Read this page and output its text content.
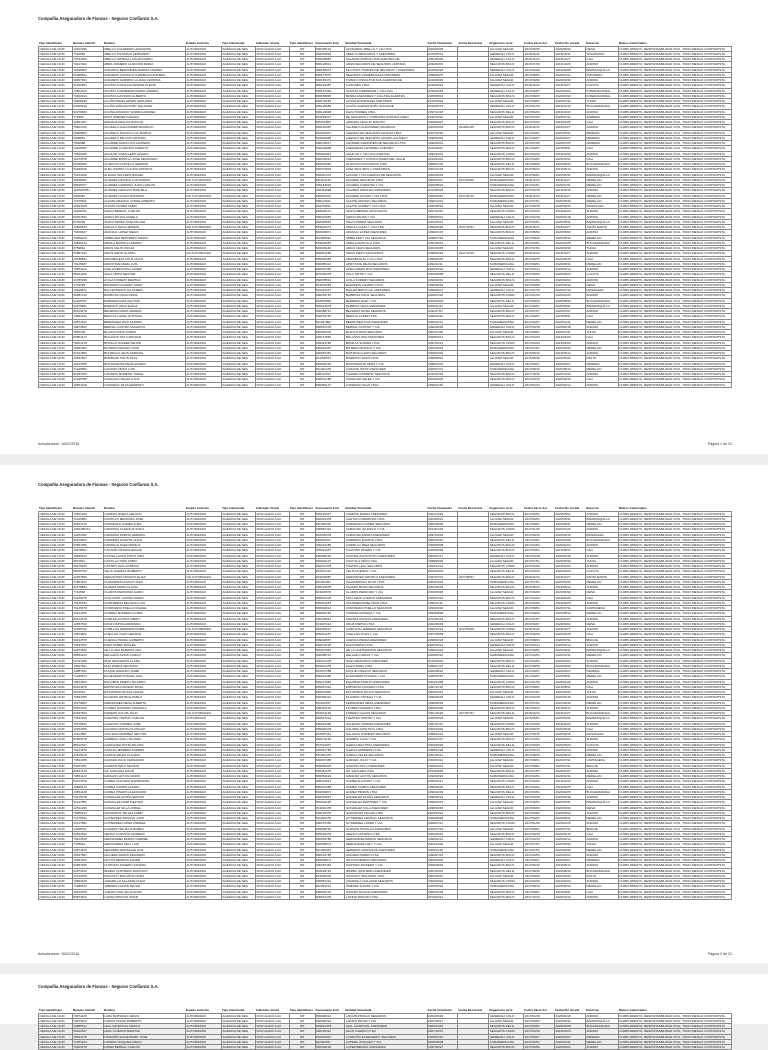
Compañía Aseguradora de Fianzas - Seguros Confianza S.A.
Tipo Identificaci	Numero Identifi	Nombre	Estado Autoriza	Tipo Intermedia	Indicador Vincul	Tipo Identificaci	Documento Enti	Entidad Vinculada	Fecha Vinculació	Fecha Desvincul	Organismo Acre	Fecha Inicio Acr	Fecha Fin Acredi	Sucursal	Ramos Autorizados
CEDULA DE CIUD	12107025	ABELLO CALDERON LEONARDO	AUTORIZADO	AGENCIA DE SEG	VINCULADO A AC	NIT	900265191	LEONARDO ABELLO Y CIA LTDA	2009/06/05		ALLIANZ SEGUR	2017/06/26	2020/06/30	NEIVA	CUMPLIMIENTO, RESPONSABILIDAD CIVIL, TODO RIESGO CONTRATISTA,
CEDULA DE CIUD	7316584	ABELLO OSTORGO FERNANDO	AUTORIZADO	AGENCIA DE SEG	VINCULADO A AC	NIT	800045848	ABELLO ABOGADOS Y ASESORES	2015/05/13		GENERALI COLO	2016/11/23	2018/12/31	SOGAMOSO	CUMPLIMIENTO, RESPONSABILIDAD CIVIL, TODO RIESGO CONTRATISTA,
CEDULA DE CIUD	79794306	ABELLO ORTEGA LUIS EDUARDO	AUTORIZADO	AGENCIA DE SEG	VINCULADO A AC	NIT	900035881	SALAZAR MUÑOZ LTDA AGENTES DE	2001/05/09		GENERALI COLO	2016/11/23	2018/11/27	CALI	CUMPLIMIENTO, RESPONSABILIDAD CIVIL, TODO RIESGO CONTRATISTA,
CEDULA DE CIUD	79417402	ABRIL ROMERO CLIFFORD MAIRA	AUTORIZADO	AGENCIA DE SEG	VINCULADO A AC	NIT	800126813	ARIZA SEGUROS DE SEGUROS LIMITADA	2011/02/09		SEGUROS BOLIV	2017/07/30	2019/10/26	ANDINO	CUMPLIMIENTO, RESPONSABILIDAD CIVIL, TODO RIESGO CONTRATISTA,
CEDULA DE CIUD	19318954	ACEVEDO BENAVIDES MARINA ANDREA	AUTORIZADO	AGENCIA DE SEG	VINCULADO A AC	NIT	900168073	FE COSTA TORRES DE SEGUROS Y ASESORES	2015/02/25		GENERALI COLO	2017/02/28	2019/02/28	BARRANQUILLA	CUMPLIMIENTO, RESPONSABILIDAD CIVIL, TODO RIESGO CONTRATISTA,
CEDULA DE CIUD	52386531	ACEVEDO CAUSAYO CARDENAS ANDRES	AUTORIZADO	AGENCIA DE SEG	VINCULADO A AC	NIT	800177576	SEGUROS COMERCIALES MONTERIA	1998/09/07		ALLIANZ SEGUR	2017/08/01	2020/07/31	MONTERIA	CUMPLIMIENTO, RESPONSABILIDAD CIVIL, TODO RIESGO CONTRATISTA,
CEDULA DE CIUD	36657964	ACEVEDO GARRIDO LILIANA CRISTINA	AUTORIZADO	AGENCIA DE SEG	VINCULADO A AC	NIT	900160474	TOPAZ CONSULTOR SAS AGENTES DE	2016/08/25		ALLIANZ SEGUR	2017/06/30	2020/06/30	ANDINO	CUMPLIMIENTO, RESPONSABILIDAD CIVIL, TODO RIESGO CONTRATISTA,
CEDULA DE CIUD	91293534	ACOSTA CASALLAS EDWAR ALEXIS	AUTORIZADO	AGENCIA DE SEG	VINCULADO A AC	NIT	830123487	A ASOSEG LTDA	2016/09/23		GENERALI COLO	2016/11/23	2018/11/27	CUCUTA	CUMPLIMIENTO, RESPONSABILIDAD CIVIL, TODO RIESGO CONTRATISTA,
CEDULA DE CIUD	79601013	ACOSTA CORREDOR MARIO ANDRES	AUTORIZADO	AGENCIA DE SEG	VINCULADO A AC	NIT	900127384	ACOSTA CORREDOR Y CIA LTDA	2010/02/18		GENERALI COLO	2017/06/07	2020/06/02	INTERNACIONAL	CUMPLIMIENTO, RESPONSABILIDAD CIVIL, TODO RIESGO CONTRATISTA,
CEDULA DE CIUD	79302013	ACOSTA GASTADO ALBERTO	AUTORIZADO	AGENCIA DE SEG	VINCULADO A AC	NIT	830158835	BANDA ASESORES Y CIA LTDA AGENTES	2005/08/01		SEGUROS BOLIV	2017/08/25	2020/03/30	INTERNACIONAL	CUMPLIMIENTO, RESPONSABILIDAD CIVIL, TODO RIESGO CONTRATISTA,
CEDULA DE CIUD	19308245	ACUÑA PEREA EDWIN SEGUNDO	AUTORIZADO	AGENCIA DE SEG	VINCULADO A AC	NIT	900170181	ACUÑA RODRIGUEZ AND ARIAS	2012/03/03		ALLIANZ SEGUR	2017/08/01	2020/07/31	TUNJA	CUMPLIMIENTO, RESPONSABILIDAD CIVIL, TODO RIESGO CONTRATISTA,
CEDULA DE CIUD	63359418	ACUÑA VARGAS RUBY SOLANGE	AUTORIZADO	AGENCIA DE SEG	VINCULADO A AC	NIT	830120684	ACUÑA VARGAS RUBY SOLANGE	2013/05/16		GENERALI COLO	2017/01/16	2019/01/16	BUCARAMANGA	CUMPLIMIENTO, RESPONSABILIDAD CIVIL, TODO RIESGO CONTRATISTA,
CEDULA DE CIUD	52379403	ACUÑA ZAMUDIO SANDRA ANDREA	AUTORIZADO	AGENCIA DE SEG	VINCULADO A AC	NIT	800123008	DAZA TORRES LTDA	1997/12/18		SEGUROS DEL E	2017/04/01	2019/11/30	ANDINO	CUMPLIMIENTO, RESPONSABILIDAD CIVIL, TODO RIESGO CONTRATISTA,
CEDULA DE CIUD	773300	ADAT JIMENEZ GLENDA	AUTORIZADO	AGENCIA DE SEG	VINCULADO A AC	NIT	801059317	DE SEGUROS Y COMPAÑIA LIMITADA AGEN	2011/03/10		ALLIANZ SEGUR	2017/07/10	2020/07/31	ARMENIA	CUMPLIMIENTO, RESPONSABILIDAD CIVIL, TODO RIESGO CONTRATISTA,
CEDULA DE CIUD	16691097	ADRIANA ARAUJO RINCON	AUTORIZADO	AGENCIA DE SEG	VINCULADO A AC	NIT	805011860	ADRIANA ARAUJO RINCON	2009/06/07		SEGUROS BOLIV	2017/04/24	2019/04/25	CALI	CUMPLIMIENTO, RESPONSABILIDAD CIVIL, TODO RIESGO CONTRATISTA,
CEDULA DE CIUD	79801010	AGUDELO ALEXANDER MAURICIO	AUTORIZADO	AGENCIA DE SEG	VINCULADO A AC	NIT	830120487	AGUDELO ALEXANDER MAURICIO	2003/03/03	2018/01/25	SEGUROS BOLIV	2016/11/23	2018/11/27	ANDINO	CUMPLIMIENTO, RESPONSABILIDAD CIVIL, TODO RIESGO CONTRATISTA,
CEDULA DE CIUD	40608803	AGUDELO FRANCO LUZ MARINA	AUTORIZADO	AGENCIA DE SEG	VINCULADO A AC	NIT	891401547	AGENCIA DE SEGUROS ALIANZA LTDA	2007/02/20		ALLIANZ SEGUR	2017/06/01	2020/05/31	PEREIRA	CUMPLIMIENTO, RESPONSABILIDAD CIVIL, TODO RIESGO CONTRATISTA,
CEDULA DE CIUD	4608861	AGUDELO PALACIO ARTURO	AUTORIZADO	AGENCIA DE SEG	VINCULADO A AC	NIT	816004305	AGENCIA DE SEGUROS ALVARO AGUDELO	1998/03/02		GENERALI COLO	2017/06/27	2020/06/27	PEREIRA	CUMPLIMIENTO, RESPONSABILIDAD CIVIL, TODO RIESGO CONTRATISTA,
CEDULA DE CIUD	7556088	AGUIRRE ARIAS LUIS ALFREDO	AUTORIZADO	AGENCIA DE SEG	VINCULADO A AC	NIT	890103917	AGUIRRE ASESORES DE SEGUROS LTDA	1992/03/01		SEGUROS BOLIV	2017/07/25	2020/07/25	ARMENIA	CUMPLIMIENTO, RESPONSABILIDAD CIVIL, TODO RIESGO CONTRATISTA,
CEDULA DE CIUD	14418093	AGUIRRE LONDOÑO ALBERTO	AUTORIZADO	AGENCIA DE SEG	VINCULADO A AC	NIT	800128908	ASESORIAS AGUIRRE LONDOÑO	2012/06/07		SEGUROS BOLIV	2017/09/01	2019/08/31	CALI	CUMPLIMIENTO, RESPONSABILIDAD CIVIL, TODO RIESGO CONTRATISTA,
CEDULA DE CIUD	79540066	AGUILAR CABALLERO ALVARO	AUTORIZADO	AGENCIA DE SEG	VINCULADO A AC	NIT	830022814	AGUILAR Y CIA LTDA AGENCIA	1996/10/01		SEGUROS COMU	2017/03/20	2019/03/20	ANDINO	CUMPLIMIENTO, RESPONSABILIDAD CIVIL, TODO RIESGO CONTRATISTA,
CEDULA DE CIUD	16723578	AGUIRRE BONILLA JOSE FERNANDO	AUTORIZADO	AGENCIA DE SEG	VINCULADO A AC	NIT	800200614	ASESORES Y CONSULTORES DEL VALLE	2013/01/01		SEGUROS BOLIV	2017/04/01	2020/03/31	CALI	CUMPLIMIENTO, RESPONSABILIDAD CIVIL, TODO RIESGO CONTRATISTA,
CEDULA DE CIUD	91495026	ALARCON CASTILLO GERMAN	AUTORIZADO	AGENCIA DE SEG	VINCULADO A AC	NIT	804015082	ALARCON ASOCIADOS LTDA	2008/07/04		SEGUROS DEL E	2017/08/30	2020/08/30	BUCARAMANGA	CUMPLIMIENTO, RESPONSABILIDAD CIVIL, TODO RIESGO CONTRATISTA,
CEDULA DE CIUD	52049918	ALBA OSORIO CLAUDIA PATRICIA	AUTORIZADO	AGENCIA DE SEG	VINCULADO A AC	NIT	830073504	ALBA SEGUROS Y ASESORIAS	2003/12/18		SEGUROS BOLIV	2017/05/12	2019/05/12	ANDINO	CUMPLIMIENTO, RESPONSABILIDAD CIVIL, TODO RIESGO CONTRATISTA,
CEDULA DE CIUD	72154208	ALDANA SALCEDO RAFAEL	AUTORIZADO	AGENCIA DE SEG	VINCULADO A AC	NIT	802011474	ALDANA Y CIA AGENCIA DE SEGUROS	2002/09/23		ALLIANZ SEGUR	2017/06/01	2020/05/31	BARRANQUILLA	CUMPLIMIENTO, RESPONSABILIDAD CIVIL, TODO RIESGO CONTRATISTA,
CEDULA DE CIUD	43548032	ALVAREZ ARANGO LUZ MARINA	NO AUTORIZADO	AGENCIA DE SEG	VINCULADO A AC	NIT	811022145	ALVAREZ SEGUROS LTDA	2000/04/11	2017/09/30	SURAMERICANA	2016/11/23	2018/11/27	MEDELLIN	CUMPLIMIENTO, RESPONSABILIDAD CIVIL, TODO RIESGO CONTRATISTA,
CEDULA DE CIUD	98545077	ALVAREZ CARDONA JUAN CARLOS	AUTORIZADO	AGENCIA DE SEG	VINCULADO A AC	NIT	900184516	ALVAREZ CARDONA Y CIA	2009/08/19		SURAMERICANA	2017/02/01	2020/01/31	MEDELLIN	CUMPLIMIENTO, RESPONSABILIDAD CIVIL, TODO RIESGO CONTRATISTA,
CEDULA DE CIUD	1128406781	ALVAREZ GIRALDO MANUELA	AUTORIZADO	AGENCIA DE SEG	VINCULADO A AC	NIT	900412998	ALVAREZ GIRALDO ASESORES	2014/05/05		SEGUROS BOLIV	2017/03/15	2019/03/15	ANDINO	CUMPLIMIENTO, RESPONSABILIDAD CIVIL, TODO RIESGO CONTRATISTA,
CEDULA DE CIUD	3350962	ALVAREZ OCHOA RODRIGO	NO AUTORIZADO	AGENCIA DE SEG	VINCULADO A AC	NIT	890931472	ALVAREZ OCHOA Y CIA LTDA	1993/03/15	2017/11/15	SURAMERICANA	2016/11/23	2018/11/27	MEDELLIN	CUMPLIMIENTO, RESPONSABILIDAD CIVIL, TODO RIESGO CONTRATISTA,
CEDULA DE CIUD	71676511	ALZATE ARANGO JORGE ALBERTO	AUTORIZADO	AGENCIA DE SEG	VINCULADO A AC	NIT	800114522	ALZATE ARANGO SEGUROS	1990/12/01		SURAMERICANA	2017/07/01	2020/06/30	MEDELLIN	CUMPLIMIENTO, RESPONSABILIDAD CIVIL, TODO RIESGO CONTRATISTA,
CEDULA DE CIUD	10264128	ALZATE GOMEZ FABIO	AUTORIZADO	AGENCIA DE SEG	VINCULADO A AC	NIT	810003811	ALZATE GOMEZ Y CIA LTDA	1995/08/22		ALLIANZ SEGUR	2017/09/15	2020/09/15	MANIZALES	CUMPLIMIENTO, RESPONSABILIDAD CIVIL, TODO RIESGO CONTRATISTA,
CEDULA DE CIUD	19408762	AMAYA BERNAL CARLOS	AUTORIZADO	AGENCIA DE SEG	VINCULADO A AC	NIT	860520114	AMAYA BERNAL ASOCIADOS	1997/04/10		SEGUROS COMU	2017/02/20	2019/02/20	ANDINO	CUMPLIMIENTO, RESPONSABILIDAD CIVIL, TODO RIESGO CONTRATISTA,
CEDULA DE CIUD	52267841	AMAYA ROJAS ANGELA	AUTORIZADO	AGENCIA DE SEG	VINCULADO A AC	NIT	900021587	AMAYA ROJAS Y CIA	2005/06/13		GENERALI COLO	2017/04/18	2020/04/18	ANDINO	CUMPLIMIENTO, RESPONSABILIDAD CIVIL, TODO RIESGO CONTRATISTA,
CEDULA DE CIUD	8745236	ANAYA PEREZ JOSE MIGUEL	AUTORIZADO	AGENCIA DE SEG	VINCULADO A AC	NIT	802009546	ANAYA PEREZ SEGUROS	2001/02/07		ALLIANZ SEGUR	2017/06/01	2020/05/31	BARRANQUILLA	CUMPLIMIENTO, RESPONSABILIDAD CIVIL, TODO RIESGO CONTRATISTA,
CEDULA DE CIUD	12558420	ANGULO DAZA HERNAN	NO AUTORIZADO	AGENCIA DE SEG	VINCULADO A AC	NIT	819001274	ANGULO DAZA Y CIA LTDA	1999/05/20	2017/10/31	SEGUROS BOLIV	2016/11/23	2018/11/27	SANTA MARTA	CUMPLIMIENTO, RESPONSABILIDAD CIVIL, TODO RIESGO CONTRATISTA,
CEDULA DE CIUD	79358427	ARANGO LOPEZ DIEGO	AUTORIZADO	AGENCIA DE SEG	VINCULADO A AC	NIT	830009871	ARANGO LOPEZ ASESORES	1996/01/15		SEGUROS BOLIV	2017/05/02	2020/05/02	ANDINO	CUMPLIMIENTO, RESPONSABILIDAD CIVIL, TODO RIESGO CONTRATISTA,
CEDULA DE CIUD	43058219	ARBELAEZ RESTREPO MARTA	AUTORIZADO	AGENCIA DE SEG	VINCULADO A AC	NIT	811008432	ARBELAEZ Y CIA SEGUROS	1998/07/30		SURAMERICANA	2017/08/10	2020/08/10	MEDELLIN	CUMPLIMIENTO, RESPONSABILIDAD CIVIL, TODO RIESGO CONTRATISTA,
CEDULA DE CIUD	13845210	ARDILA MANTILLA PEDRO	AUTORIZADO	AGENCIA DE SEG	VINCULADO A AC	NIT	804002587	ARDILA MANTILLA LTDA	1997/09/12		SEGUROS DEL E	2017/03/01	2020/02/28	BUCARAMANGA	CUMPLIMIENTO, RESPONSABILIDAD CIVIL, TODO RIESGO CONTRATISTA,
CEDULA DE CIUD	6759842	ARIAS CELIS OSCAR	AUTORIZADO	AGENCIA DE SEG	VINCULADO A AC	NIT	820003145	ARIAS CELIS SEGUROS	2000/10/05		ALLIANZ SEGUR	2017/07/01	2020/06/30	TUNJA	CUMPLIMIENTO, RESPONSABILIDAD CIVIL, TODO RIESGO CONTRATISTA,
CEDULA DE CIUD	51897432	ARIAS NIETO GLORIA	NO AUTORIZADO	AGENCIA DE SEG	VINCULADO A AC	NIT	830041256	ARIAS NIETO ASOCIADOS	1998/03/25	2017/12/15	SEGUROS COMU	2016/11/23	2018/11/27	ANDINO	CUMPLIMIENTO, RESPONSABILIDAD CIVIL, TODO RIESGO CONTRATISTA,
CEDULA DE CIUD	16789541	ARIZABALETA CRUZ HUGO	AUTORIZADO	AGENCIA DE SEG	VINCULADO A AC	NIT	805002369	ARIZABALETA Y CIA LTDA	1996/06/18		SEGUROS BOLIV	2017/06/15	2020/06/15	CALI	CUMPLIMIENTO, RESPONSABILIDAD CIVIL, TODO RIESGO CONTRATISTA,
CEDULA DE CIUD	70125487	ARROYAVE MEJIA LUIS	AUTORIZADO	AGENCIA DE SEG	VINCULADO A AC	NIT	890985412	ARROYAVE MEJIA SEGUROS	1994/11/11		SURAMERICANA	2017/09/01	2020/08/31	MEDELLIN	CUMPLIMIENTO, RESPONSABILIDAD CIVIL, TODO RIESGO CONTRATISTA,
CEDULA DE CIUD	79654123	AVELLANEDA ROA JAVIER	AUTORIZADO	AGENCIA DE SEG	VINCULADO A AC	NIT	830087452	AVELLANEDA ROA ASESORES	2002/04/22		GENERALI COLO	2017/02/14	2020/02/14	ANDINO	CUMPLIMIENTO, RESPONSABILIDAD CIVIL, TODO RIESGO CONTRATISTA,
CEDULA DE CIUD	88154236	AVILA ORTIZ NESTOR	AUTORIZADO	AGENCIA DE SEG	VINCULADO A AC	NIT	807005478	AVILA ORTIZ Y CIA	2003/08/08		SEGUROS DEL E	2017/05/20	2020/05/20	CUCUTA	CUMPLIMIENTO, RESPONSABILIDAD CIVIL, TODO RIESGO CONTRATISTA,
CEDULA DE CIUD	41785236	AYALA FORERO MARTHA	AUTORIZADO	AGENCIA DE SEG	VINCULADO A AC	NIT	860078541	AYALA FORERO SEGUROS	1993/02/10		SEGUROS BOLIV	2017/04/04	2020/04/04	ANDINO	CUMPLIMIENTO, RESPONSABILIDAD CIVIL, TODO RIESGO CONTRATISTA,
CEDULA DE CIUD	7701258	BAHAMON CHARRY JAIRO	AUTORIZADO	AGENCIA DE SEG	VINCULADO A AC	NIT	813001254	BAHAMON CHARRY LTDA	1999/09/09		ALLIANZ SEGUR	2017/06/26	2020/06/30	NEIVA	CUMPLIMIENTO, RESPONSABILIDAD CIVIL, TODO RIESGO CONTRATISTA,
CEDULA DE CIUD	10245871	BALLESTEROS GIL RUBEN	AUTORIZADO	AGENCIA DE SEG	VINCULADO A AC	NIT	810001247	BALLESTEROS GIL ASESORES	1996/05/17		GENERALI COLO	2017/07/19	2020/07/19	MANIZALES	CUMPLIMIENTO, RESPONSABILIDAD CIVIL, TODO RIESGO CONTRATISTA,
CEDULA DE CIUD	52987412	BARBOSA CRUZ DIANA	AUTORIZADO	AGENCIA DE SEG	VINCULADO A AC	NIT	900254781	BARBOSA CRUZ SEGUROS	2009/01/26		SEGUROS COMU	2017/01/26	2020/01/26	ANDINO	CUMPLIMIENTO, RESPONSABILIDAD CIVIL, TODO RIESGO CONTRATISTA,
CEDULA DE CIUD	91245781	BARRERA DIAZ HECTOR	AUTORIZADO	AGENCIA DE SEG	VINCULADO A AC	NIT	804007845	BARRERA DIAZ Y CIA	2004/03/03		SEGUROS DEL E	2017/08/30	2020/08/30	BUCARAMANGA	CUMPLIMIENTO, RESPONSABILIDAD CIVIL, TODO RIESGO CONTRATISTA,
CEDULA DE CIUD	32478951	BARRIOS VEGA ELENA	AUTORIZADO	AGENCIA DE SEG	VINCULADO A AC	NIT	802014578	BARRIOS VEGA ASESORES	2006/11/21		ALLIANZ SEGUR	2017/06/01	2020/05/31	BARRANQUILLA	CUMPLIMIENTO, RESPONSABILIDAD CIVIL, TODO RIESGO CONTRATISTA,
CEDULA DE CIUD	80125478	BECERRA MORA ANDRES	AUTORIZADO	AGENCIA DE SEG	VINCULADO A AC	NIT	900358741	BECERRA MORA SEGUROS	2011/07/07		SEGUROS BOLIV	2017/07/07	2020/07/07	ANDINO	CUMPLIMIENTO, RESPONSABILIDAD CIVIL, TODO RIESGO CONTRATISTA,
CEDULA DE CIUD	14587412	BEDOYA LOPEZ GUSTAVO	AUTORIZADO	AGENCIA DE SEG	VINCULADO A AC	NIT	800254781	BEDOYA LOPEZ LTDA	1995/10/10		SEGUROS BOLIV	2017/09/01	2019/08/31	CALI	CUMPLIMIENTO, RESPONSABILIDAD CIVIL, TODO RIESGO CONTRATISTA,
CEDULA DE CIUD	43874512	BERMUDEZ RUIZ SANDRA	AUTORIZADO	AGENCIA DE SEG	VINCULADO A AC	NIT	811047852	BERMUDEZ RUIZ ASESORES	2005/12/12		SURAMERICANA	2017/02/01	2020/01/31	MEDELLIN	CUMPLIMIENTO, RESPONSABILIDAD CIVIL, TODO RIESGO CONTRATISTA,
CEDULA DE CIUD	19874521	BERNAL CASTRO MAURICIO	AUTORIZADO	AGENCIA DE SEG	VINCULADO A AC	NIT	860541278	BERNAL CASTRO Y CIA	1992/06/06		GENERALI COLO	2017/04/18	2020/04/18	ANDINO	CUMPLIMIENTO, RESPONSABILIDAD CIVIL, TODO RIESGO CONTRATISTA,
CEDULA DE CIUD	7845120	BLANCO RIOS TOMAS	AUTORIZADO	AGENCIA DE SEG	VINCULADO A AC	NIT	820005478	BLANCO RIOS SEGUROS	2001/01/30		ALLIANZ SEGUR	2017/08/01	2020/07/31	TUNJA	CUMPLIMIENTO, RESPONSABILIDAD CIVIL, TODO RIESGO CONTRATISTA,
CEDULA DE CIUD	66854123	BOLAÑOS PAZ CAROLINA	AUTORIZADO	AGENCIA DE SEG	VINCULADO A AC	NIT	900147852	BOLAÑOS PAZ ASESORES	2008/04/14		SEGUROS BOLIV	2017/04/24	2019/04/25	CALI	CUMPLIMIENTO, RESPONSABILIDAD CIVIL, TODO RIESGO CONTRATISTA,
CEDULA DE CIUD	79201478	BONILLA SUAREZ FELIPE	AUTORIZADO	AGENCIA DE SEG	VINCULADO A AC	NIT	830014785	BONILLA SUAREZ LTDA	1997/03/21		SEGUROS COMU	2017/03/20	2019/03/20	ANDINO	CUMPLIMIENTO, RESPONSABILIDAD CIVIL, TODO RIESGO CONTRATISTA,
CEDULA DE CIUD	15487963	BOTERO ARANGO JUAN	AUTORIZADO	AGENCIA DE SEG	VINCULADO A AC	NIT	890912457	BOTERO ARANGO Y CIA	1991/09/19		SURAMERICANA	2017/07/01	2020/06/30	MEDELLIN	CUMPLIMIENTO, RESPONSABILIDAD CIVIL, TODO RIESGO CONTRATISTA,
CEDULA DE CIUD	52147896	BUITRAGO LEON ADRIANA	AUTORIZADO	AGENCIA DE SEG	VINCULADO A AC	NIT	900087451	BUITRAGO LEON SEGUROS	2006/02/02		SEGUROS BOLIV	2017/05/12	2019/05/12	ANDINO	CUMPLIMIENTO, RESPONSABILIDAD CIVIL, TODO RIESGO CONTRATISTA,
CEDULA DE CIUD	16547821	BURBANO SOLIS RAUL	AUTORIZADO	AGENCIA DE SEG	VINCULADO A AC	NIT	814002547	BURBANO SOLIS LTDA	1999/08/16		ALLIANZ SEGUR	2017/06/30	2020/06/30	PASTO	CUMPLIMIENTO, RESPONSABILIDAD CIVIL, TODO RIESGO CONTRATISTA,
CEDULA DE CIUD	10124785	BUSTAMANTE PEÑA ALVARO	AUTORIZADO	AGENCIA DE SEG	VINCULADO A AC	NIT	816002145	BUSTAMANTE PEÑA Y CIA	1998/12/01		GENERALI COLO	2017/06/27	2020/06/27	PEREIRA	CUMPLIMIENTO, RESPONSABILIDAD CIVIL, TODO RIESGO CONTRATISTA,
CEDULA DE CIUD	71245896	CADAVID ORTIZ LUIS	AUTORIZADO	AGENCIA DE SEG	VINCULADO A AC	NIT	811021478	CADAVID ORTIZ ASESORES	2000/07/07		SURAMERICANA	2017/08/10	2020/08/10	MEDELLIN	CUMPLIMIENTO, RESPONSABILIDAD CIVIL, TODO RIESGO CONTRATISTA,
CEDULA DE CIUD	80254789	CAICEDO MORENO JORGE	AUTORIZADO	AGENCIA DE SEG	VINCULADO A AC	NIT	900412547	CAICEDO MORENO SEGUROS	2012/10/10		SEGUROS BOLIV	2017/10/10	2020/10/10	ANDINO	CUMPLIMIENTO, RESPONSABILIDAD CIVIL, TODO RIESGO CONTRATISTA,
CEDULA DE CIUD	31245786	CAMACHO VELEZ LUCIA	AUTORIZADO	AGENCIA DE SEG	VINCULADO A AC	NIT	805014789	CAMACHO VELEZ Y CIA	2003/05/05		SEGUROS BOLIV	2017/06/15	2020/06/15	CALI	CUMPLIMIENTO, RESPONSABILIDAD CIVIL, TODO RIESGO CONTRATISTA,
CEDULA DE CIUD	19654128	CAMARGO SILVA ERNESTO	AUTORIZADO	AGENCIA DE SEG	VINCULADO A AC	NIT	830054127	CAMARGO SILVA LTDA	1999/11/30		GENERALI COLO	2017/02/14	2020/02/14	ANDINO	CUMPLIMIENTO, RESPONSABILIDAD CIVIL, TODO RIESGO CONTRATISTA,
Actualización: 16/02/2018	Página 1 de 31
Compañía Aseguradora de Fianzas - Seguros Confianza S.A.
Tipo Identificaci	Numero Identifi	Nombre	Estado Autoriza	Tipo Intermedia	Indicador Vincul	Tipo Identificaci	Documento Enti	Entidad Vinculada	Fecha Vinculació	Fecha Desvincul	Organismo Acre	Fecha Inicio Acr	Fecha Fin Acredi	Sucursal	Ramos Autorizados
CEDULA DE CIUD	79451236	CAMPOS RUEDA NELSON	AUTORIZADO	AGENCIA DE SEG	VINCULADO A AC	NIT	830120547	CAMPOS RUEDA ASESORES	2001/03/15		SEGUROS BOLIV	2017/05/02	2020/05/02	ANDINO	CUMPLIMIENTO, RESPONSABILIDAD CIVIL, TODO RIESGO CONTRATISTA,
CEDULA DE CIUD	72145863	CANTILLO MENDOZA JOSE	AUTORIZADO	AGENCIA DE SEG	VINCULADO A AC	NIT	802021478	CANTILLO MENDOZA LTDA	2004/06/21		ALLIANZ SEGUR	2017/06/01	2020/05/31	BARRANQUILLA	CUMPLIMIENTO, RESPONSABILIDAD CIVIL, TODO RIESGO CONTRATISTA,
CEDULA DE CIUD	43521478	CARDENAS GOMEZ ALBA	AUTORIZADO	AGENCIA DE SEG	VINCULADO A AC	NIT	811035478	CARDENAS GOMEZ SEGUROS	2002/09/09		SURAMERICANA	2017/09/01	2020/08/31	MEDELLIN	CUMPLIMIENTO, RESPONSABILIDAD CIVIL, TODO RIESGO CONTRATISTA,
CEDULA DE CIUD	1020458741	CARDONA VALENCIA SOFIA	AUTORIZADO	AGENCIA DE SEG	VINCULADO A AC	NIT	900587412	CARDONA VALENCIA Y CIA	2014/01/20		SEGUROS COMU	2017/01/26	2020/01/26	ANDINO	CUMPLIMIENTO, RESPONSABILIDAD CIVIL, TODO RIESGO CONTRATISTA,
CEDULA DE CIUD	10254789	CARDONA ZAPATA GERMAN	AUTORIZADO	AGENCIA DE SEG	VINCULADO A AC	NIT	810005478	CARDONA ZAPATA ASESORES	1997/04/04		ALLIANZ SEGUR	2017/09/15	2020/09/15	MANIZALES	CUMPLIMIENTO, RESPONSABILIDAD CIVIL, TODO RIESGO CONTRATISTA,
CEDULA DE CIUD	91478523	CARREÑO DUARTE HUGO	AUTORIZADO	AGENCIA DE SEG	VINCULADO A AC	NIT	804012547	CARREÑO DUARTE LTDA	2005/10/10		SEGUROS DEL E	2017/03/01	2020/02/28	BUCARAMANGA	CUMPLIMIENTO, RESPONSABILIDAD CIVIL, TODO RIESGO CONTRATISTA,
CEDULA DE CIUD	52654789	CARRILLO PAEZ MONICA	AUTORIZADO	AGENCIA DE SEG	VINCULADO A AC	NIT	900214785	CARRILLO PAEZ SEGUROS	2008/08/08		SEGUROS BOLIV	2017/04/04	2020/04/04	ANDINO	CUMPLIMIENTO, RESPONSABILIDAD CIVIL, TODO RIESGO CONTRATISTA,
CEDULA DE CIUD	16478521	CASTAÑO RIVERA EDGAR	AUTORIZADO	AGENCIA DE SEG	VINCULADO A AC	NIT	805021457	CASTAÑO RIVERA Y CIA	2000/02/29		SEGUROS BOLIV	2017/09/01	2019/08/31	CALI	CUMPLIMIENTO, RESPONSABILIDAD CIVIL, TODO RIESGO CONTRATISTA,
CEDULA DE CIUD	79845123	CASTELLANOS PINTO IVAN	AUTORIZADO	AGENCIA DE SEG	VINCULADO A AC	NIT	830098745	CASTELLANOS PINTO ASESORES	2003/07/17		GENERALI COLO	2017/04/18	2020/04/18	ANDINO	CUMPLIMIENTO, RESPONSABILIDAD CIVIL, TODO RIESGO CONTRATISTA,
CEDULA DE CIUD	6547821	CASTILLO NIÑO FABIO	AUTORIZADO	AGENCIA DE SEG	VINCULADO A AC	NIT	820004127	CASTILLO NIÑO LTDA	1998/05/25		ALLIANZ SEGUR	2017/07/01	2020/06/30	TUNJA	CUMPLIMIENTO, RESPONSABILIDAD CIVIL, TODO RIESGO CONTRATISTA,
CEDULA DE CIUD	35478125	CASTRO LEAL PATRICIA	AUTORIZADO	AGENCIA DE SEG	VINCULADO A AC	NIT	860512478	CASTRO LEAL SEGUROS	1994/12/12		SEGUROS COMU	2017/02/20	2019/02/20	ANDINO	CUMPLIMIENTO, RESPONSABILIDAD CIVIL, TODO RIESGO CONTRATISTA,
CEDULA DE CIUD	88245784	CELIS DUEÑAS ROBERTO	AUTORIZADO	AGENCIA DE SEG	VINCULADO A AC	NIT	807007412	CELIS DUEÑAS Y CIA	2002/03/03		SEGUROS DEL E	2017/05/20	2020/05/20	CUCUTA	CUMPLIMIENTO, RESPONSABILIDAD CIVIL, TODO RIESGO CONTRATISTA,
CEDULA DE CIUD	12457896	CERVANTES OROZCO ELIAS	NO AUTORIZADO	AGENCIA DE SEG	VINCULADO A AC	NIT	819004587	CERVANTES OROZCO ASESORES	1997/07/07	2017/08/31	SEGUROS BOLIV	2016/11/23	2018/11/27	SANTA MARTA	CUMPLIMIENTO, RESPONSABILIDAD CIVIL, TODO RIESGO CONTRATISTA,
CEDULA DE CIUD	71854123	CHAVARRIAGA ROJO ALEX	AUTORIZADO	AGENCIA DE SEG	VINCULADO A AC	NIT	811041257	CHAVARRIAGA ROJO LTDA	2004/04/04		SURAMERICANA	2017/07/01	2020/06/30	MEDELLIN	CUMPLIMIENTO, RESPONSABILIDAD CIVIL, TODO RIESGO CONTRATISTA,
CEDULA DE CIUD	52478963	CHAVES MORA LILIANA	AUTORIZADO	AGENCIA DE SEG	VINCULADO A AC	NIT	900124578	CHAVES MORA SEGUROS	2007/09/19		SEGUROS BOLIV	2017/05/12	2019/05/12	ANDINO	CUMPLIMIENTO, RESPONSABILIDAD CIVIL, TODO RIESGO CONTRATISTA,
CEDULA DE CIUD	7712548	CLAROS PERDOMO ALIRIO	AUTORIZADO	AGENCIA DE SEG	VINCULADO A AC	NIT	813004578	CLAROS PERDOMO Y CIA	2000/06/06		ALLIANZ SEGUR	2017/06/26	2020/06/30	NEIVA	CUMPLIMIENTO, RESPONSABILIDAD CIVIL, TODO RIESGO CONTRATISTA,
CEDULA DE CIUD	94125478	COLLAZOS LOZANO DARIO	AUTORIZADO	AGENCIA DE SEG	VINCULADO A AC	NIT	805031478	COLLAZOS LOZANO ASESORES	2006/01/16		SEGUROS BOLIV	2017/04/24	2019/04/25	CALI	CUMPLIMIENTO, RESPONSABILIDAD CIVIL, TODO RIESGO CONTRATISTA,
CEDULA DE CIUD	79125784	CONTRERAS BELTRAN LUIS	AUTORIZADO	AGENCIA DE SEG	VINCULADO A AC	NIT	830001254	CONTRERAS BELTRAN LTDA	1995/11/11		SEGUROS COMU	2017/03/20	2019/03/20	ANDINO	CUMPLIMIENTO, RESPONSABILIDAD CIVIL, TODO RIESGO CONTRATISTA,
CEDULA DE CIUD	73125478	CORONADO PUELLO RAFAEL	AUTORIZADO	AGENCIA DE SEG	VINCULADO A AC	NIT	806004512	CORONADO PUELLO SEGUROS	1999/03/30		ALLIANZ SEGUR	2017/08/01	2020/07/31	CARTAGENA	CUMPLIMIENTO, RESPONSABILIDAD CIVIL, TODO RIESGO CONTRATISTA,
CEDULA DE CIUD	43214785	CORREA MUNERA GLORIA	AUTORIZADO	AGENCIA DE SEG	VINCULADO A AC	NIT	890945781	CORREA MUNERA Y CIA	1993/08/08		SURAMERICANA	2017/08/10	2020/08/10	MEDELLIN	CUMPLIMIENTO, RESPONSABILIDAD CIVIL, TODO RIESGO CONTRATISTA,
CEDULA DE CIUD	80412578	CORTES ACOSTA FREDY	AUTORIZADO	AGENCIA DE SEG	VINCULADO A AC	NIT	900478541	CORTES ACOSTA ASESORES	2013/02/13		SEGUROS BOLIV	2017/07/07	2020/07/07	ANDINO	CUMPLIMIENTO, RESPONSABILIDAD CIVIL, TODO RIESGO CONTRATISTA,
CEDULA DE CIUD	12987452	CRUZ OSPINA ARMANDO	AUTORIZADO	AGENCIA DE SEG	VINCULADO A AC	NIT	813007412	CRUZ OSPINA LTDA	2001/09/09		GENERALI COLO	2017/06/07	2020/06/02	NEIVA	CUMPLIMIENTO, RESPONSABILIDAD CIVIL, TODO RIESGO CONTRATISTA,
CEDULA DE CIUD	41658742	CUBILLOS HERRERA NUBIA	NO AUTORIZADO	AGENCIA DE SEG	VINCULADO A AC	NIT	860045127	CUBILLOS HERRERA SEGUROS	1992/10/10	2017/09/15	SEGUROS COMU	2016/11/23	2018/11/27	ANDINO	CUMPLIMIENTO, RESPONSABILIDAD CIVIL, TODO RIESGO CONTRATISTA,
CEDULA DE CIUD	16874521	CUELLAR VIVAS HERNAN	AUTORIZADO	AGENCIA DE SEG	VINCULADO A AC	NIT	805041257	CUELLAR VIVAS Y CIA	2007/05/05		SEGUROS BOLIV	2017/06/15	2020/06/15	CALI	CUMPLIMIENTO, RESPONSABILIDAD CIVIL, TODO RIESGO CONTRATISTA,
CEDULA DE CIUD	93412578	CUENCA PRADA GILBERTO	AUTORIZADO	AGENCIA DE SEG	VINCULADO A AC	NIT	809002547	CUENCA PRADA ASESORES	1998/02/18		ALLIANZ SEGUR	2017/08/01	2020/07/31	IBAGUE	CUMPLIMIENTO, RESPONSABILIDAD CIVIL, TODO RIESGO CONTRATISTA,
CEDULA DE CIUD	79547812	DAZA PARRA MANUEL	AUTORIZADO	AGENCIA DE SEG	VINCULADO A AC	NIT	830074125	DAZA PARRA LTDA	2000/12/12		GENERALI COLO	2017/02/14	2020/02/14	ANDINO	CUMPLIMIENTO, RESPONSABILIDAD CIVIL, TODO RIESGO CONTRATISTA,
CEDULA DE CIUD	32874512	DE LA HOZ BARRIOS ANA	AUTORIZADO	AGENCIA DE SEG	VINCULADO A AC	NIT	802007845	DE LA HOZ BARRIOS SEGUROS	1996/04/24		ALLIANZ SEGUR	2017/06/01	2020/05/31	BARRANQUILLA	CUMPLIMIENTO, RESPONSABILIDAD CIVIL, TODO RIESGO CONTRATISTA,
CEDULA DE CIUD	98654123	DELGADO ARIAS CAMILO	AUTORIZADO	AGENCIA DE SEG	VINCULADO A AC	NIT	900258741	DELGADO ARIAS Y CIA	2009/06/16		SURAMERICANA	2017/02/01	2020/01/31	MEDELLIN	CUMPLIMIENTO, RESPONSABILIDAD CIVIL, TODO RIESGO CONTRATISTA,
CEDULA DE CIUD	52741258	DIAZ GRANADOS CLARA	AUTORIZADO	AGENCIA DE SEG	VINCULADO A AC	NIT	900321478	DIAZ GRANADOS ASESORES	2010/10/01		SEGUROS BOLIV	2017/04/04	2020/04/04	ANDINO	CUMPLIMIENTO, RESPONSABILIDAD CIVIL, TODO RIESGO CONTRATISTA,
CEDULA DE CIUD	13547821	DIAZ RUEDA ORLANDO	AUTORIZADO	AGENCIA DE SEG	VINCULADO A AC	NIT	804001478	DIAZ RUEDA LTDA	1995/07/27		SEGUROS DEL E	2017/08/30	2020/08/30	BUCARAMANGA	CUMPLIMIENTO, RESPONSABILIDAD CIVIL, TODO RIESGO CONTRATISTA,
CEDULA DE CIUD	10987452	DUQUE GIRALDO JAIME	AUTORIZADO	AGENCIA DE SEG	VINCULADO A AC	NIT	816007458	DUQUE GIRALDO SEGUROS	2002/08/22		GENERALI COLO	2017/06/27	2020/06/27	PEREIRA	CUMPLIMIENTO, RESPONSABILIDAD CIVIL, TODO RIESGO CONTRATISTA,
CEDULA DE CIUD	71245874	ECHEVERRI POSADA IVAN	AUTORIZADO	AGENCIA DE SEG	VINCULADO A AC	NIT	890921458	ECHEVERRI POSADA Y CIA	1990/05/15		SURAMERICANA	2017/09/01	2020/08/31	MEDELLIN	CUMPLIMIENTO, RESPONSABILIDAD CIVIL, TODO RIESGO CONTRATISTA,
CEDULA DE CIUD	79874563	ESCOBAR PRIETO RICARDO	AUTORIZADO	AGENCIA DE SEG	VINCULADO A AC	NIT	830147852	ESCOBAR PRIETO ASESORES	2004/01/08		SEGUROS COMU	2017/01/26	2020/01/26	ANDINO	CUMPLIMIENTO, RESPONSABILIDAD CIVIL, TODO RIESGO CONTRATISTA,
CEDULA DE CIUD	66124578	ESPINOSA CAICEDO ROSA	AUTORIZADO	AGENCIA DE SEG	VINCULADO A AC	NIT	805007412	ESPINOSA CAICEDO LTDA	1997/11/19		SEGUROS BOLIV	2017/09/01	2019/08/31	CALI	CUMPLIMIENTO, RESPONSABILIDAD CIVIL, TODO RIESGO CONTRATISTA,
CEDULA DE CIUD	4874512	ESTUPIÑAN ROJAS CESAR	AUTORIZADO	AGENCIA DE SEG	VINCULADO A AC	NIT	820007845	ESTUPIÑAN ROJAS SEGUROS	2003/03/13		ALLIANZ SEGUR	2017/07/01	2020/06/30	TUNJA	CUMPLIMIENTO, RESPONSABILIDAD CIVIL, TODO RIESGO CONTRATISTA,
CEDULA DE CIUD	79654785	FAJARDO ORTEGA PABLO	AUTORIZADO	AGENCIA DE SEG	VINCULADO A AC	NIT	830065412	FAJARDO ORTEGA Y CIA	1999/06/29		GENERALI COLO	2017/04/18	2020/04/18	ANDINO	CUMPLIMIENTO, RESPONSABILIDAD CIVIL, TODO RIESGO CONTRATISTA,
CEDULA DE CIUD	15478963	FERNANDEZ MESA ALBERTO	AUTORIZADO	AGENCIA DE SEG	VINCULADO A AC	NIT	811012547	FERNANDEZ MESA ASESORES	1998/08/18		SURAMERICANA	2017/07/01	2020/06/30	MEDELLIN	CUMPLIMIENTO, RESPONSABILIDAD CIVIL, TODO RIESGO CONTRATISTA,
CEDULA DE CIUD	52874125	FLOREZ NAVARRO MARCELA	AUTORIZADO	AGENCIA DE SEG	VINCULADO A AC	NIT	900254123	FLOREZ NAVARRO LTDA	2009/02/09		SEGUROS BOLIV	2017/05/12	2019/05/12	ANDINO	CUMPLIMIENTO, RESPONSABILIDAD CIVIL, TODO RIESGO CONTRATISTA,
CEDULA DE CIUD	91547823	FORERO GALVIS JULIO	NO AUTORIZADO	AGENCIA DE SEG	VINCULADO A AC	NIT	804014125	FORERO GALVIS SEGUROS	2001/10/20	2017/07/31	SEGUROS DEL E	2016/11/23	2018/11/27	BUCARAMANGA	CUMPLIMIENTO, RESPONSABILIDAD CIVIL, TODO RIESGO CONTRATISTA,
CEDULA DE CIUD	72541236	FUENTES OSPINO CARLOS	AUTORIZADO	AGENCIA DE SEG	VINCULADO A AC	NIT	802017412	FUENTES OSPINO Y CIA	2005/05/25		ALLIANZ SEGUR	2017/06/01	2020/05/31	BARRANQUILLA	CUMPLIMIENTO, RESPONSABILIDAD CIVIL, TODO RIESGO CONTRATISTA,
CEDULA DE CIUD	79478512	GALEANO TORRES JOSE	AUTORIZADO	AGENCIA DE SEG	VINCULADO A AC	NIT	830021458	GALEANO TORRES ASESORES	1997/01/31		SEGUROS COMU	2017/02/20	2019/02/20	ANDINO	CUMPLIMIENTO, RESPONSABILIDAD CIVIL, TODO RIESGO CONTRATISTA,
CEDULA DE CIUD	16254785	GALINDO MONTOYA OSCAR	AUTORIZADO	AGENCIA DE SEG	VINCULADO A AC	NIT	805025478	GALINDO MONTOYA LTDA	2002/12/02		SEGUROS BOLIV	2017/06/15	2020/06/15	CALI	CUMPLIMIENTO, RESPONSABILIDAD CIVIL, TODO RIESGO CONTRATISTA,
CEDULA DE CIUD	10124587	GALLEGO RAMIREZ HECTOR	AUTORIZADO	AGENCIA DE SEG	VINCULADO A AC	NIT	810007412	GALLEGO RAMIREZ SEGUROS	1999/04/14		ALLIANZ SEGUR	2017/09/15	2020/09/15	MANIZALES	CUMPLIMIENTO, RESPONSABILIDAD CIVIL, TODO RIESGO CONTRATISTA,
CEDULA DE CIUD	52365478	GAMBOA LUNA YOLANDA	AUTORIZADO	AGENCIA DE SEG	VINCULADO A AC	NIT	900074125	GAMBOA LUNA Y CIA	2006/07/07		SEGUROS BOLIV	2017/04/04	2020/04/04	ANDINO	CUMPLIMIENTO, RESPONSABILIDAD CIVIL, TODO RIESGO CONTRATISTA,
CEDULA DE CIUD	88412547	GARCIA BAUTISTA WILSON	AUTORIZADO	AGENCIA DE SEG	VINCULADO A AC	NIT	807012547	GARCIA BAUTISTA ASESORES	2004/09/29		SEGUROS DEL E	2017/05/20	2020/05/20	CUCUTA	CUMPLIMIENTO, RESPONSABILIDAD CIVIL, TODO RIESGO CONTRATISTA,
CEDULA DE CIUD	79214578	GARCIA HERRERA ANDRES	AUTORIZADO	AGENCIA DE SEG	VINCULADO A AC	NIT	830041785	GARCIA HERRERA LTDA	1998/10/28		GENERALI COLO	2017/02/14	2020/02/14	ANDINO	CUMPLIMIENTO, RESPONSABILIDAD CIVIL, TODO RIESGO CONTRATISTA,
CEDULA DE CIUD	43125478	GARCIA VELEZ CLAUDIA	AUTORIZADO	AGENCIA DE SEG	VINCULADO A AC	NIT	811031478	GARCIA VELEZ SEGUROS	2001/06/11		SURAMERICANA	2017/08/10	2020/08/10	MEDELLIN	CUMPLIMIENTO, RESPONSABILIDAD CIVIL, TODO RIESGO CONTRATISTA,
CEDULA DE CIUD	73541258	GARCES JULIO FERNANDO	AUTORIZADO	AGENCIA DE SEG	VINCULADO A AC	NIT	806007458	GARCES JULIO Y CIA	2003/01/21		ALLIANZ SEGUR	2017/08/01	2020/07/31	CARTAGENA	CUMPLIMIENTO, RESPONSABILIDAD CIVIL, TODO RIESGO CONTRATISTA,
CEDULA DE CIUD	93254781	GARZON AVILA NELSON	AUTORIZADO	AGENCIA DE SEG	VINCULADO A AC	NIT	809005478	GARZON AVILA ASESORES	2000/11/03		ALLIANZ SEGUR	2017/08/01	2020/07/31	IBAGUE	CUMPLIMIENTO, RESPONSABILIDAD CIVIL, TODO RIESGO CONTRATISTA,
CEDULA DE CIUD	80547125	GIL SANCHEZ DAVID	AUTORIZADO	AGENCIA DE SEG	VINCULADO A AC	NIT	900451278	GIL SANCHEZ LTDA	2013/09/09		SEGUROS BOLIV	2017/07/07	2020/07/07	ANDINO	CUMPLIMIENTO, RESPONSABILIDAD CIVIL, TODO RIESGO CONTRATISTA,
CEDULA DE CIUD	70854123	GIRALDO HOYOS MARIO	AUTORIZADO	AGENCIA DE SEG	VINCULADO A AC	NIT	890954123	GIRALDO HOYOS SEGUROS	1992/02/22		SURAMERICANA	2017/02/01	2020/01/31	MEDELLIN	CUMPLIMIENTO, RESPONSABILIDAD CIVIL, TODO RIESGO CONTRATISTA,
CEDULA DE CIUD	52412578	GOMEZ ALFONSO ESPERANZA	AUTORIZADO	AGENCIA DE SEG	VINCULADO A AC	NIT	900012547	GOMEZ ALFONSO Y CIA	2005/03/17		SEGUROS COMU	2017/03/20	2019/03/20	ANDINO	CUMPLIMIENTO, RESPONSABILIDAD CIVIL, TODO RIESGO CONTRATISTA,
CEDULA DE CIUD	16985412	GOMEZ CAMPO ALVARO	AUTORIZADO	AGENCIA DE SEG	VINCULADO A AC	NIT	805012458	GOMEZ CAMPO ASESORES	1996/09/26		SEGUROS BOLIV	2017/04/24	2019/04/25	CALI	CUMPLIMIENTO, RESPONSABILIDAD CIVIL, TODO RIESGO CONTRATISTA,
CEDULA DE CIUD	13654128	GOMEZ PINZON ALEJANDRO	AUTORIZADO	AGENCIA DE SEG	VINCULADO A AC	NIT	804009874	GOMEZ PINZON LTDA	1999/12/09		SEGUROS DEL E	2017/03/01	2020/02/28	BUCARAMANGA	CUMPLIMIENTO, RESPONSABILIDAD CIVIL, TODO RIESGO CONTRATISTA,
CEDULA DE CIUD	79125478	GONZALEZ ACUÑA SERGIO	AUTORIZADO	AGENCIA DE SEG	VINCULADO A AC	NIT	830012547	GONZALEZ ACUÑA SEGUROS	1996/06/16		GENERALI COLO	2017/04/18	2020/04/18	ANDINO	CUMPLIMIENTO, RESPONSABILIDAD CIVIL, TODO RIESGO CONTRATISTA,
CEDULA DE CIUD	32147852	GONZALEZ MARTINEZ IRIS	AUTORIZADO	AGENCIA DE SEG	VINCULADO A AC	NIT	802004125	GONZALEZ MARTINEZ Y CIA	1995/03/23		ALLIANZ SEGUR	2017/06/01	2020/05/31	BARRANQUILLA	CUMPLIMIENTO, RESPONSABILIDAD CIVIL, TODO RIESGO CONTRATISTA,
CEDULA DE CIUD	12541236	GONZALEZ VILLA JORGE	AUTORIZADO	AGENCIA DE SEG	VINCULADO A AC	NIT	813002478	GONZALEZ VILLA ASESORES	1998/10/30		ALLIANZ SEGUR	2017/06/26	2020/06/30	NEIVA	CUMPLIMIENTO, RESPONSABILIDAD CIVIL, TODO RIESGO CONTRATISTA,
CEDULA DE CIUD	79985412	GRANADOS TELLEZ FABIO	AUTORIZADO	AGENCIA DE SEG	VINCULADO A AC	NIT	830125478	GRANADOS TELLEZ LTDA	2003/04/24		SEGUROS BOLIV	2017/05/02	2020/05/02	ANDINO	CUMPLIMIENTO, RESPONSABILIDAD CIVIL, TODO RIESGO CONTRATISTA,
CEDULA DE CIUD	71478512	GUTIERREZ ARANGO JUAN	AUTORIZADO	AGENCIA DE SEG	VINCULADO A AC	NIT	811025478	GUTIERREZ ARANGO SEGUROS	2000/08/28		SURAMERICANA	2017/09/01	2020/08/31	MEDELLIN	CUMPLIMIENTO, RESPONSABILIDAD CIVIL, TODO RIESGO CONTRATISTA,
CEDULA DE CIUD	52147852	GUTIERREZ LOPEZ ANDREA	AUTORIZADO	AGENCIA DE SEG	VINCULADO A AC	NIT	900187452	GUTIERREZ LOPEZ Y CIA	2008/01/11		SEGUROS COMU	2017/01/26	2020/01/26	ANDINO	CUMPLIMIENTO, RESPONSABILIDAD CIVIL, TODO RIESGO CONTRATISTA,
CEDULA DE CIUD	14258741	GUZMAN TRUJILLO RUBEN	AUTORIZADO	AGENCIA DE SEG	VINCULADO A AC	NIT	809008745	GUZMAN TRUJILLO ASESORES	2002/07/19		ALLIANZ SEGUR	2017/08/01	2020/07/31	IBAGUE	CUMPLIMIENTO, RESPONSABILIDAD CIVIL, TODO RIESGO CONTRATISTA,
CEDULA DE CIUD	94547812	HENAO CASTAÑO ALFREDO	AUTORIZADO	AGENCIA DE SEG	VINCULADO A AC	NIT	805035478	HENAO CASTAÑO LTDA	2006/05/15		SEGUROS BOLIV	2017/06/15	2020/06/15	CALI	CUMPLIMIENTO, RESPONSABILIDAD CIVIL, TODO RIESGO CONTRATISTA,
CEDULA DE CIUD	79412578	HERNANDEZ BARON GABRIEL	AUTORIZADO	AGENCIA DE SEG	VINCULADO A AC	NIT	830054785	HERNANDEZ BARON SEGUROS	1999/02/12		GENERALI COLO	2017/02/14	2020/02/14	ANDINO	CUMPLIMIENTO, RESPONSABILIDAD CIVIL, TODO RIESGO CONTRATISTA,
CEDULA DE CIUD	7478512	HERNANDEZ CELY LUIS	AUTORIZADO	AGENCIA DE SEG	VINCULADO A AC	NIT	820009874	HERNANDEZ CELY Y CIA	2004/10/04		ALLIANZ SEGUR	2017/07/01	2020/06/30	TUNJA	CUMPLIMIENTO, RESPONSABILIDAD CIVIL, TODO RIESGO CONTRATISTA,
CEDULA DE CIUD	43874125	HERRERA MONSALVE LINA	AUTORIZADO	AGENCIA DE SEG	VINCULADO A AC	NIT	811045784	HERRERA MONSALVE ASESORES	2005/11/25		SURAMERICANA	2017/07/01	2020/06/30	MEDELLIN	CUMPLIMIENTO, RESPONSABILIDAD CIVIL, TODO RIESGO CONTRATISTA,
CEDULA DE CIUD	19547821	HIGUERA PARDO EDUARDO	AUTORIZADO	AGENCIA DE SEG	VINCULADO A AC	NIT	860514785	HIGUERA PARDO LTDA	1993/07/13		SEGUROS BOLIV	2017/04/04	2020/04/04	ANDINO	CUMPLIMIENTO, RESPONSABILIDAD CIVIL, TODO RIESGO CONTRATISTA,
CEDULA DE CIUD	10287452	HOYOS RENDON JAVIER	AUTORIZADO	AGENCIA DE SEG	VINCULADO A AC	NIT	816009874	HOYOS RENDON SEGUROS	2003/09/03		GENERALI COLO	2017/06/27	2020/06/27	PEREIRA	CUMPLIMIENTO, RESPONSABILIDAD CIVIL, TODO RIESGO CONTRATISTA,
CEDULA DE CIUD	52987456	HURTADO ROSERO SANDRA	AUTORIZADO	AGENCIA DE SEG	VINCULADO A AC	NIT	900287452	HURTADO ROSERO Y CIA	2009/09/29		SEGUROS BOLIV	2017/05/12	2019/05/12	ANDINO	CUMPLIMIENTO, RESPONSABILIDAD CIVIL, TODO RIESGO CONTRATISTA,
CEDULA DE CIUD	91874512	IBARRA QUINTERO RODOLFO	AUTORIZADO	AGENCIA DE SEG	VINCULADO A AC	NIT	804018745	IBARRA QUINTERO ASESORES	2007/03/07		SEGUROS DEL E	2017/08/30	2020/08/30	BUCARAMANGA	CUMPLIMIENTO, RESPONSABILIDAD CIVIL, TODO RIESGO CONTRATISTA,
CEDULA DE CIUD	27412578	INSUASTY BOLAÑOS NORA	AUTORIZADO	AGENCIA DE SEG	VINCULADO A AC	NIT	814005478	INSUASTY BOLAÑOS LTDA	2001/05/31		ALLIANZ SEGUR	2017/06/30	2020/06/30	PASTO	CUMPLIMIENTO, RESPONSABILIDAD CIVIL, TODO RIESGO CONTRATISTA,
CEDULA DE CIUD	79654125	JARAMILLO SALAZAR HUGO	AUTORIZADO	AGENCIA DE SEG	VINCULADO A AC	NIT	830087412	JARAMILLO SALAZAR SEGUROS	2002/02/02		SEGUROS COMU	2017/02/20	2019/02/20	ANDINO	CUMPLIMIENTO, RESPONSABILIDAD CIVIL, TODO RIESGO CONTRATISTA,
CEDULA DE CIUD	71985412	JIMENEZ ALZATE FELIPE	AUTORIZADO	AGENCIA DE SEG	VINCULADO A AC	NIT	811054123	JIMENEZ ALZATE Y CIA	2006/06/26		SURAMERICANA	2017/08/10	2020/08/10	MEDELLIN	CUMPLIMIENTO, RESPONSABILIDAD CIVIL, TODO RIESGO CONTRATISTA,
CEDULA DE CIUD	16412578	JURADO MOLINA ALONSO	AUTORIZADO	AGENCIA DE SEG	VINCULADO A AC	NIT	805045123	JURADO MOLINA ASESORES	2008/10/18		SEGUROS BOLIV	2017/09/01	2019/08/31	CALI	CUMPLIMIENTO, RESPONSABILIDAD CIVIL, TODO RIESGO CONTRATISTA,
CEDULA DE CIUD	80874512	LADINO RINCON OMAR	AUTORIZADO	AGENCIA DE SEG	VINCULADO A AC	NIT	900541278	LADINO RINCON LTDA	2014/04/14		SEGUROS BOLIV	2017/10/10	2020/10/10	ANDINO	CUMPLIMIENTO, RESPONSABILIDAD CIVIL, TODO RIESGO CONTRATISTA,
Actualización: 16/02/2018	Página 2 de 31
Compañía Aseguradora de Fianzas - Seguros Confianza S.A.
Tipo Identificaci	Numero Identifi	Nombre	Estado Autoriza	Tipo Intermedia	Indicador Vincul	Tipo Identificaci	Documento Enti	Entidad Vinculada	Fecha Vinculació	Fecha Desvincul	Organismo Acre	Fecha Inicio Acr	Fecha Fin Acredi	Sucursal	Ramos Autorizados
CEDULA DE CIUD	79874125	LARA BUITRAGO JESUS	AUTORIZADO	AGENCIA DE SEG	VINCULADO A AC	NIT	830098412	LARA BUITRAGO SEGUROS	2004/06/06		GENERALI COLO	2017/04/18	2020/04/18	ANDINO	CUMPLIMIENTO, RESPONSABILIDAD CIVIL, TODO RIESGO CONTRATISTA,
CEDULA DE CIUD	72874512	LARIOS PALMA ROBERTO	AUTORIZADO	AGENCIA DE SEG	VINCULADO A AC	NIT	802025412	LARIOS PALMA Y CIA	2007/08/17		ALLIANZ SEGUR	2017/06/01	2020/05/31	BARRANQUILLA	CUMPLIMIENTO, RESPONSABILIDAD CIVIL, TODO RIESGO CONTRATISTA,
CEDULA DE CIUD	13985412	LEAL SANDOVAL MARCO	AUTORIZADO	AGENCIA DE SEG	VINCULADO A AC	NIT	804021478	LEAL SANDOVAL ASESORES	2009/11/09		SEGUROS DEL E	2017/03/01	2020/02/28	BUCARAMANGA	CUMPLIMIENTO, RESPONSABILIDAD CIVIL, TODO RIESGO CONTRATISTA,
CEDULA DE CIUD	52412547	LEON CUERVO MARITZA	AUTORIZADO	AGENCIA DE SEG	VINCULADO A AC	NIT	900125412	LEON CUERVO LTDA	2007/12/07		SEGUROS COMU	2017/03/20	2019/03/20	ANDINO	CUMPLIMIENTO, RESPONSABILIDAD CIVIL, TODO RIESGO CONTRATISTA,
CEDULA DE CIUD	10541278	LONDOÑO ECHEVERRY JOSE	AUTORIZADO	AGENCIA DE SEG	VINCULADO A AC	NIT	816012547	LONDOÑO ECHEVERRY SEGUROS	2005/02/15		GENERALI COLO	2017/06/27	2020/06/27	PEREIRA	CUMPLIMIENTO, RESPONSABILIDAD CIVIL, TODO RIESGO CONTRATISTA,
CEDULA DE CIUD	71254123	LOPERA VASQUEZ DIEGO	AUTORIZADO	AGENCIA DE SEG	VINCULADO A AC	NIT	811062547	LOPERA VASQUEZ Y CIA	2008/09/08		SURAMERICANA	2017/02/01	2020/01/31	MEDELLIN	CUMPLIMIENTO, RESPONSABILIDAD CIVIL, TODO RIESGO CONTRATISTA,
CEDULA DE CIUD	79321478	LOPEZ BERNAL CARLOS	AUTORIZADO	AGENCIA DE SEG	VINCULADO A AC	NIT	830032145	LOPEZ BERNAL ASESORES	1997/05/27		SEGUROS BOLIV	2017/05/02	2020/05/02	ANDINO	CUMPLIMIENTO, RESPONSABILIDAD CIVIL, TODO RIESGO CONTRATISTA,
